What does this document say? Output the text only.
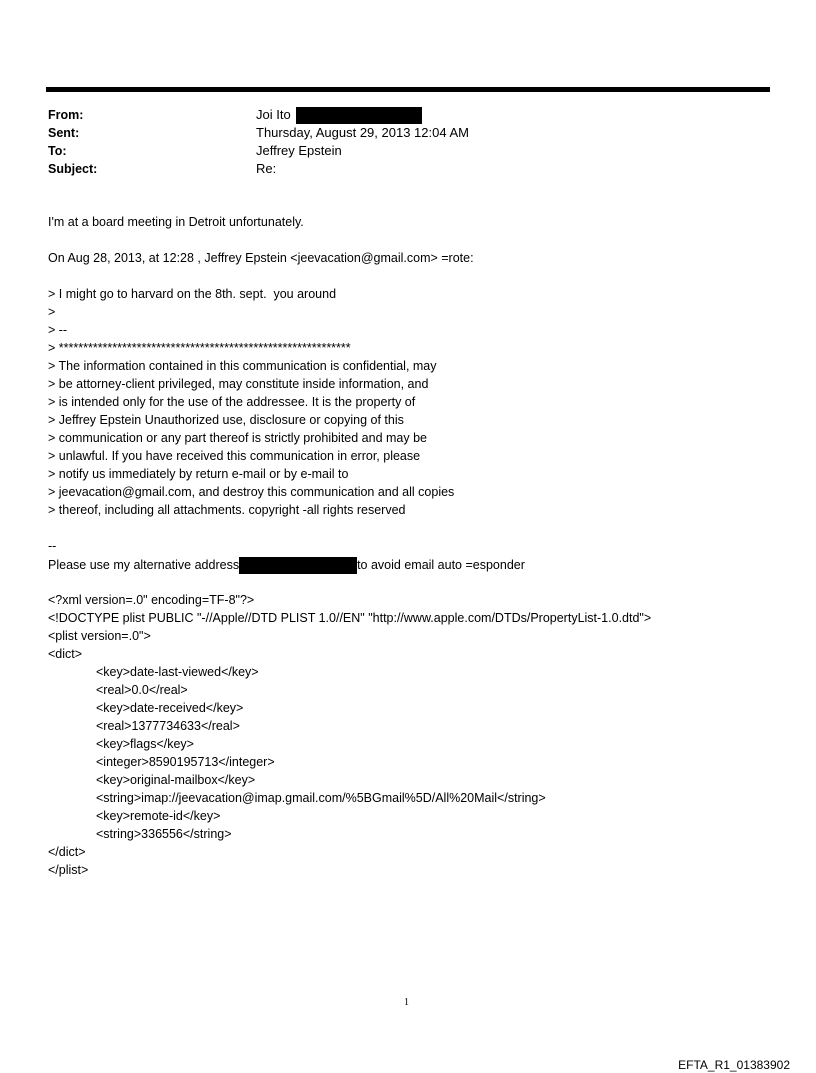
From:	Joi Ito
Sent:	Thursday, August 29, 2013 12:04 AM
To:	Jeffrey Epstein
Subject:	Re:
I'm at a board meeting in Detroit unfortunately.
On Aug 28, 2013, at 12:28 , Jeffrey Epstein <jeevacation@gmail.com> =rote:
> I might go to harvard on the 8th. sept.  you around
>
> --
> ************************************************************
> The information contained in this communication is confidential, may
> be attorney-client privileged, may constitute inside information, and
> is intended only for the use of the addressee. It is the property of
> Jeffrey Epstein Unauthorized use, disclosure or copying of this
> communication or any part thereof is strictly prohibited and may be
> unlawful. If you have received this communication in error, please
> notify us immediately by return e-mail or by e-mail to
> jeevacation@gmail.com, and destroy this communication and all copies
> thereof, including all attachments. copyright -all rights reserved
--
Please use my alternative address	to avoid email auto =esponder
<?xml version=.0" encoding=TF-8"?>
<!DOCTYPE plist PUBLIC "-//Apple//DTD PLIST 1.0//EN" "http://www.apple.com/DTDs/PropertyList-1.0.dtd">
<plist version=.0">
<dict>
<key>date-last-viewed</key>
<real>0.0</real>
<key>date-received</key>
<real>1377734633</real>
<key>flags</key>
<integer>8590195713</integer>
<key>original-mailbox</key>
<string>imap://jeevacation@imap.gmail.com/%5BGmail%5D/All%20Mail</string>
<key>remote-id</key>
<string>336556</string>
</dict>
</plist>
1
EFTA_R1_01383902
